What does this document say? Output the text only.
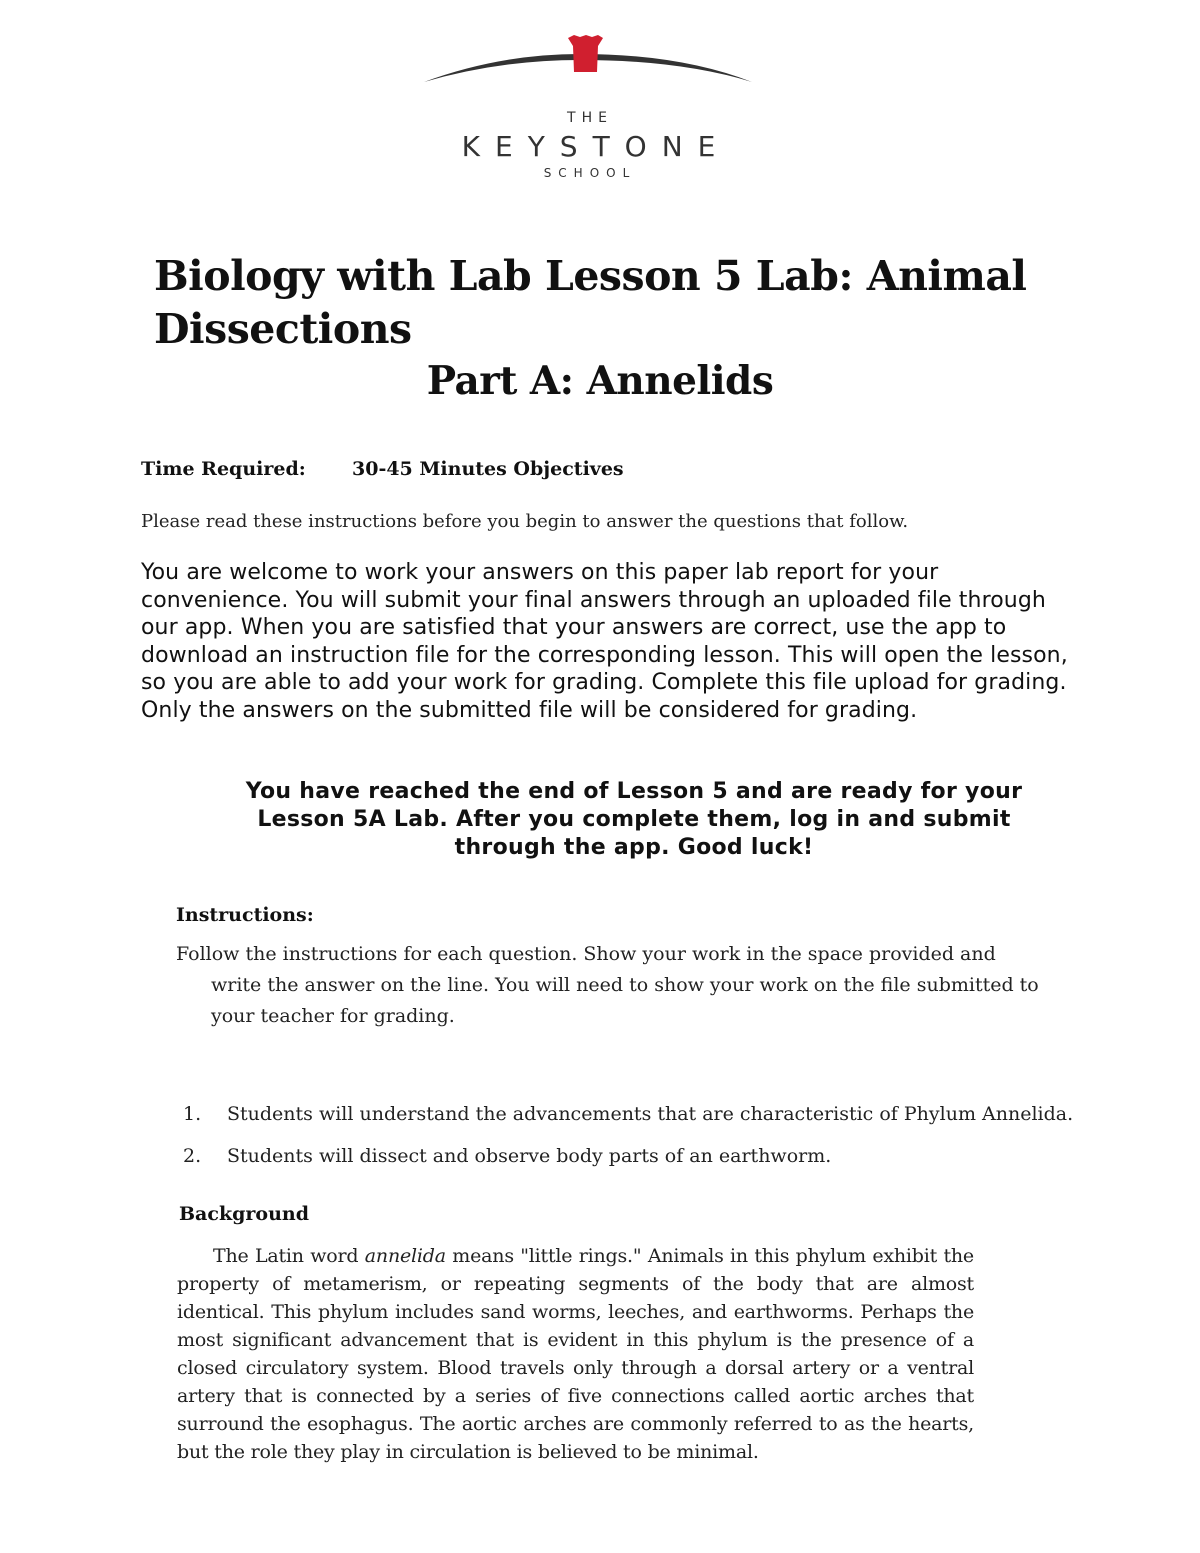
THE
KEYSTONE
SCHOOL
Biology with Lab Lesson 5 Lab: Animal Dissections
Part A: Annelids
Time Required: 30-45 Minutes Objectives
Please read these instructions before you begin to answer the questions that follow.
You are welcome to work your answers on this paper lab report for your convenience. You will submit your final answers through an uploaded file through our app. When you are satisfied that your answers are correct, use the app to download an instruction file for the corresponding lesson. This will open the lesson, so you are able to add your work for grading. Complete this file upload for grading. Only the answers on the submitted file will be considered for grading.
You have reached the end of Lesson 5 and are ready for your Lesson 5A Lab. After you complete them, log in and submit through the app. Good luck!
Instructions:
Follow the instructions for each question. Show your work in the space provided and write the answer on the line. You will need to show your work on the file submitted to your teacher for grading.
1. Students will understand the advancements that are characteristic of Phylum Annelida.
2. Students will dissect and observe body parts of an earthworm.
Background
The Latin word annelida means "little rings." Animals in this phylum exhibit the property of metamerism, or repeating segments of the body that are almost identical. This phylum includes sand worms, leeches, and earthworms. Perhaps the most significant advancement that is evident in this phylum is the presence of a closed circulatory system. Blood travels only through a dorsal artery or a ventral artery that is connected by a series of five connections called aortic arches that surround the esophagus. The aortic arches are commonly referred to as the hearts, but the role they play in circulation is believed to be minimal.
